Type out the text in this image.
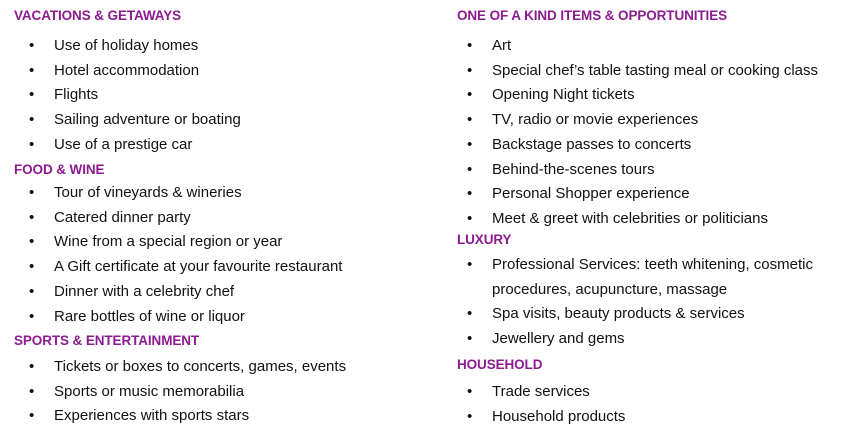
VACATIONS & GETAWAYS
• Use of holiday homes
• Hotel accommodation
• Flights
• Sailing adventure or boating
• Use of a prestige car
FOOD & WINE
• Tour of vineyards & wineries
• Catered dinner party
• Wine from a special region or year
• A Gift certificate at your favourite restaurant
• Dinner with a celebrity chef
• Rare bottles of wine or liquor
SPORTS & ENTERTAINMENT
• Tickets or boxes to concerts, games, events
• Sports or music memorabilia
• Experiences with sports stars
ONE OF A KIND ITEMS & OPPORTUNITIES
• Art
• Special chef’s table tasting meal or cooking class
• Opening Night tickets
• TV, radio or movie experiences
• Backstage passes to concerts
• Behind-the-scenes tours
• Personal Shopper experience
• Meet & greet with celebrities or politicians
LUXURY
• Professional Services: teeth whitening, cosmetic procedures, acupuncture, massage
• Spa visits, beauty products & services
• Jewellery and gems
HOUSEHOLD
• Trade services
• Household products
